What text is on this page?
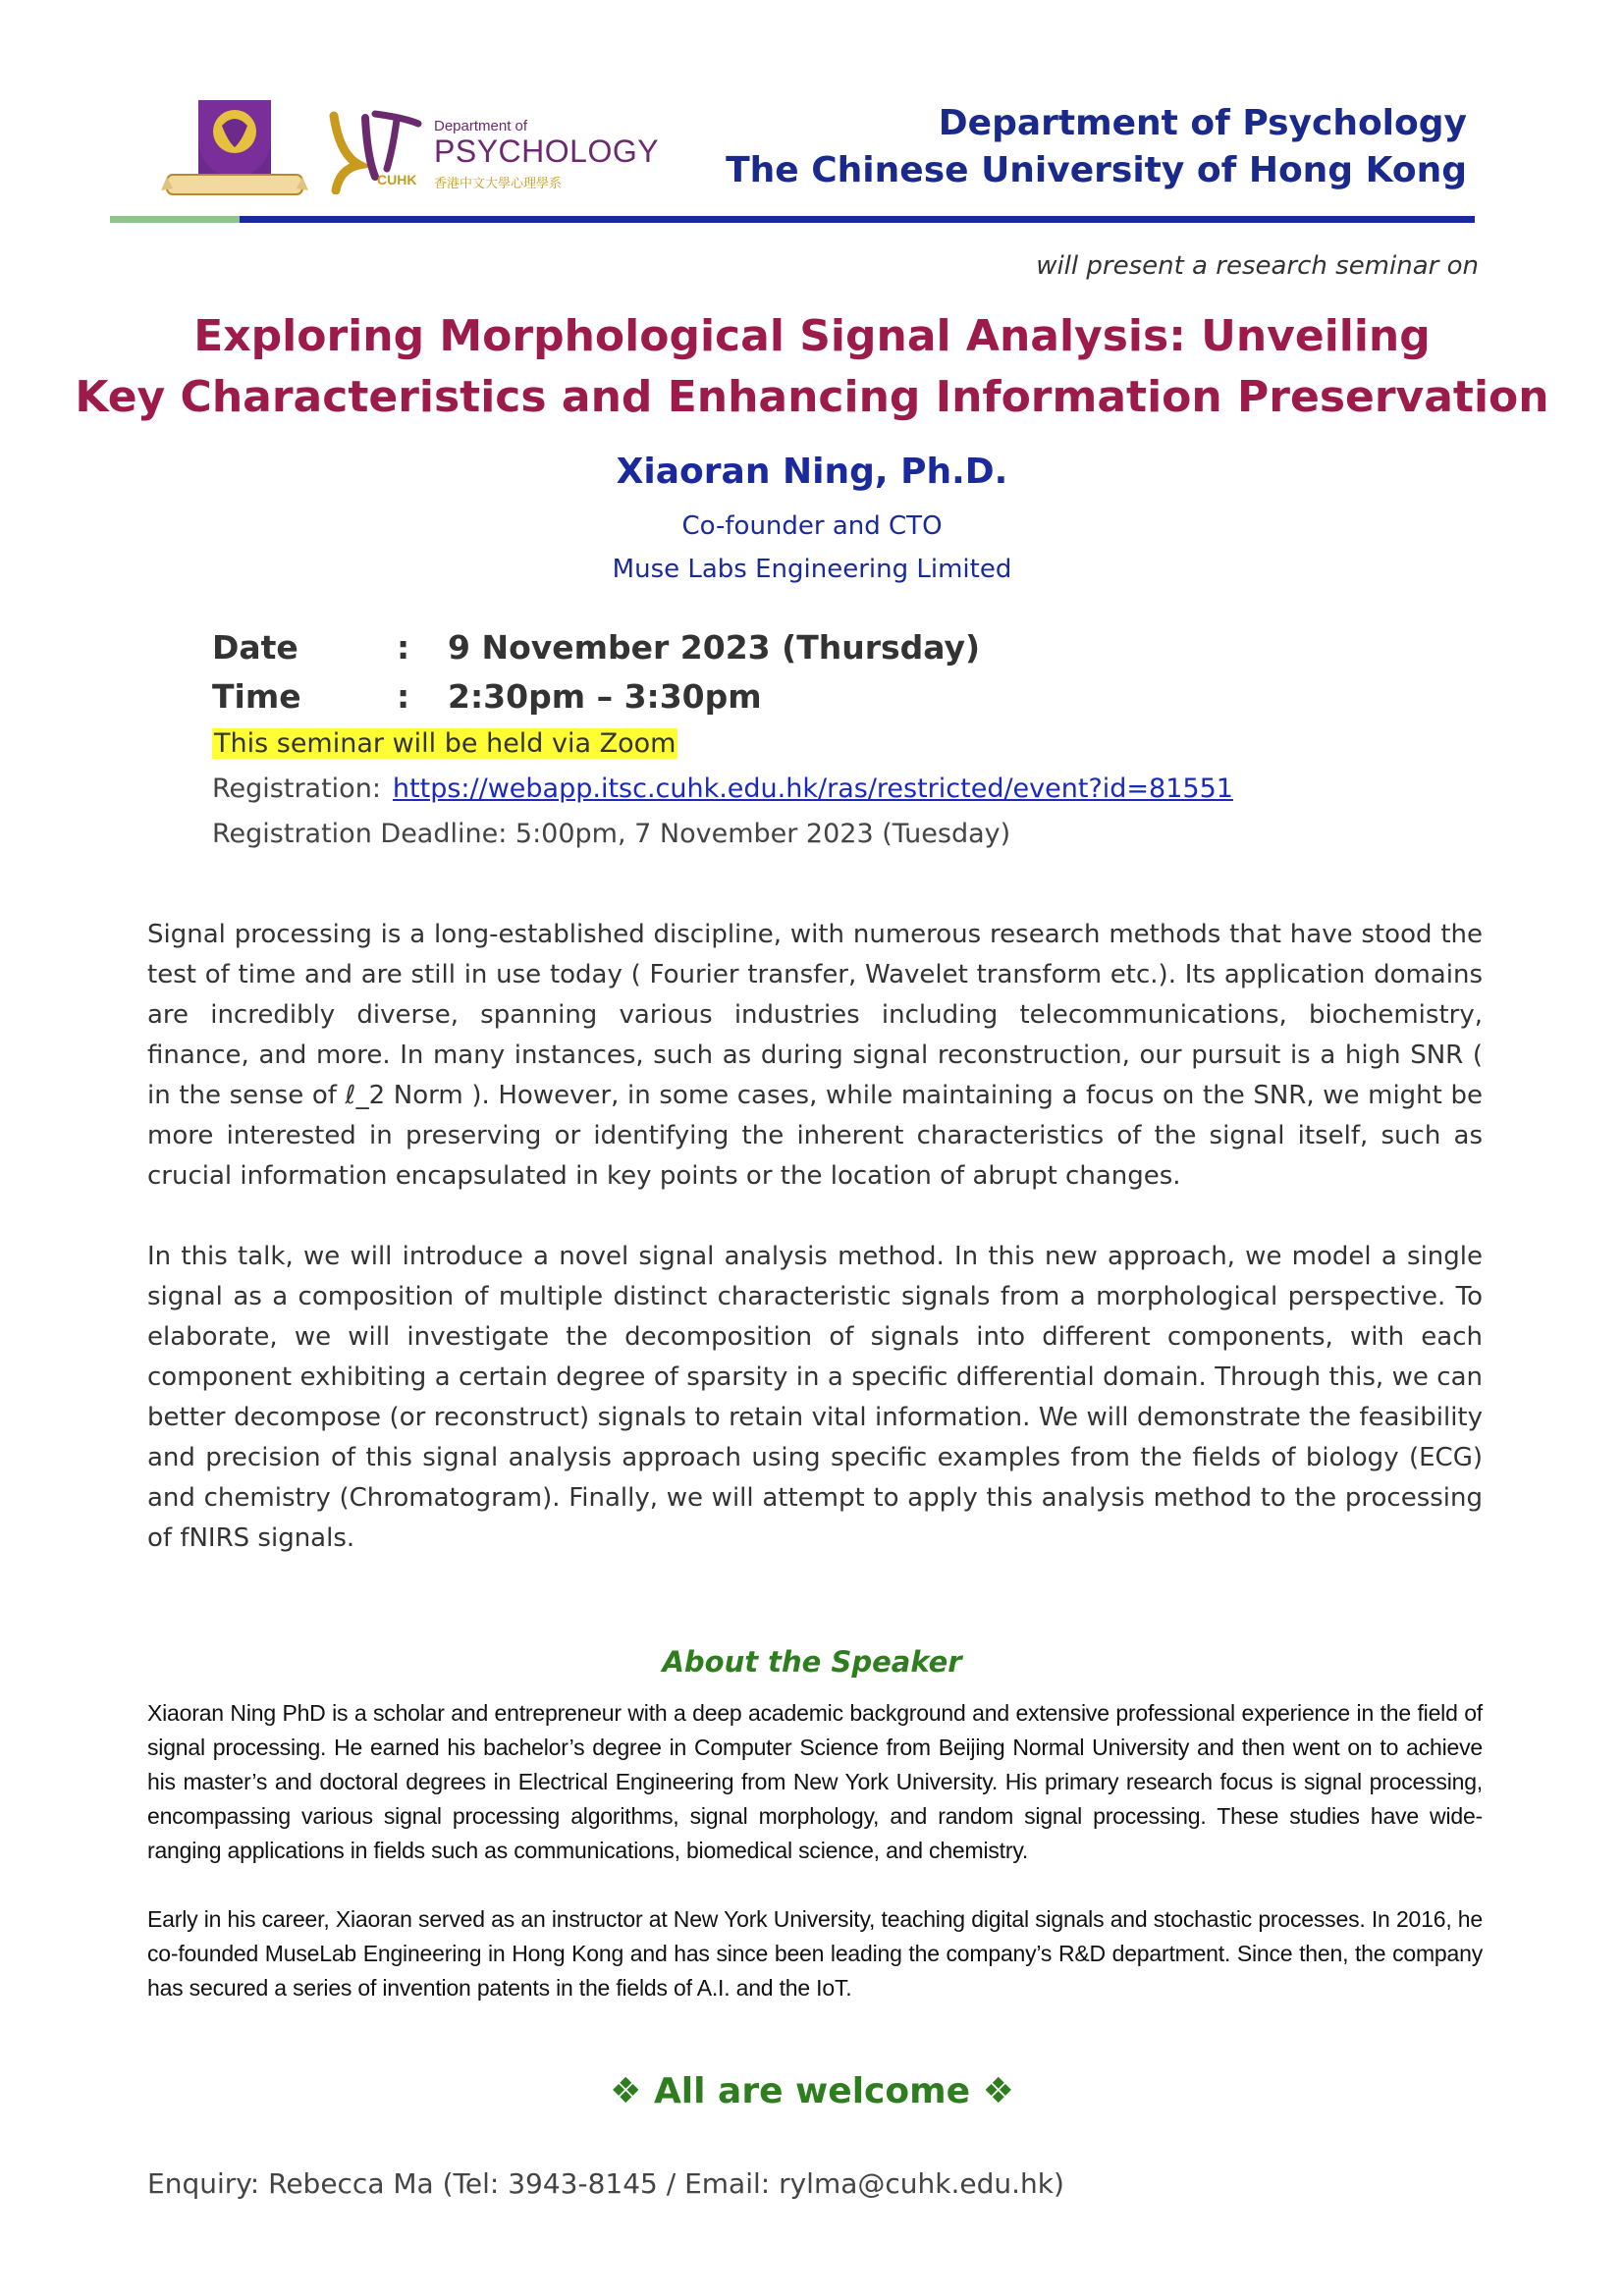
Department of
PSYCHOLOGY
CUHK 香港中文大學心理學系
Department of Psychology
The Chinese University of Hong Kong
will present a research seminar on
Exploring Morphological Signal Analysis: Unveiling
Key Characteristics and Enhancing Information Preservation
Xiaoran Ning, Ph.D.
Co-founder and CTO
Muse Labs Engineering Limited
Date	: 9 November 2023 (Thursday)
Time	: 2:30pm – 3:30pm
This seminar will be held via Zoom
Registration: https://webapp.itsc.cuhk.edu.hk/ras/restricted/event?id=81551
Registration Deadline: 5:00pm, 7 November 2023 (Tuesday)

Signal processing is a long-established discipline, with numerous research methods that have stood the test of time and are still in use today ( Fourier transfer, Wavelet transform etc.). Its application domains are incredibly diverse, spanning various industries including telecommunications, biochemistry, finance, and more. In many instances, such as during signal reconstruction, our pursuit is a high SNR ( in the sense of ℓ_2 Norm ). However, in some cases, while maintaining a focus on the SNR, we might be more interested in preserving or identifying the inherent characteristics of the signal itself, such as crucial information encapsulated in key points or the location of abrupt changes.

In this talk, we will introduce a novel signal analysis method. In this new approach, we model a single signal as a composition of multiple distinct characteristic signals from a morphological perspective. To elaborate, we will investigate the decomposition of signals into different components, with each component exhibiting a certain degree of sparsity in a specific differential domain. Through this, we can better decompose (or reconstruct) signals to retain vital information. We will demonstrate the feasibility and precision of this signal analysis approach using specific examples from the fields of biology (ECG) and chemistry (Chromatogram). Finally, we will attempt to apply this analysis method to the processing of fNIRS signals.

About the Speaker

Xiaoran Ning PhD is a scholar and entrepreneur with a deep academic background and extensive professional experience in the field of signal processing. He earned his bachelor’s degree in Computer Science from Beijing Normal University and then went on to achieve his master’s and doctoral degrees in Electrical Engineering from New York University. His primary research focus is signal processing, encompassing various signal processing algorithms, signal morphology, and random signal processing. These studies have wide-ranging applications in fields such as communications, biomedical science, and chemistry.

Early in his career, Xiaoran served as an instructor at New York University, teaching digital signals and stochastic processes. In 2016, he co-founded MuseLab Engineering in Hong Kong and has since been leading the company’s R&D department. Since then, the company has secured a series of invention patents in the fields of A.I. and the IoT.

❖ All are welcome ❖
Enquiry: Rebecca Ma (Tel: 3943-8145 / Email: rylma@cuhk.edu.hk)
